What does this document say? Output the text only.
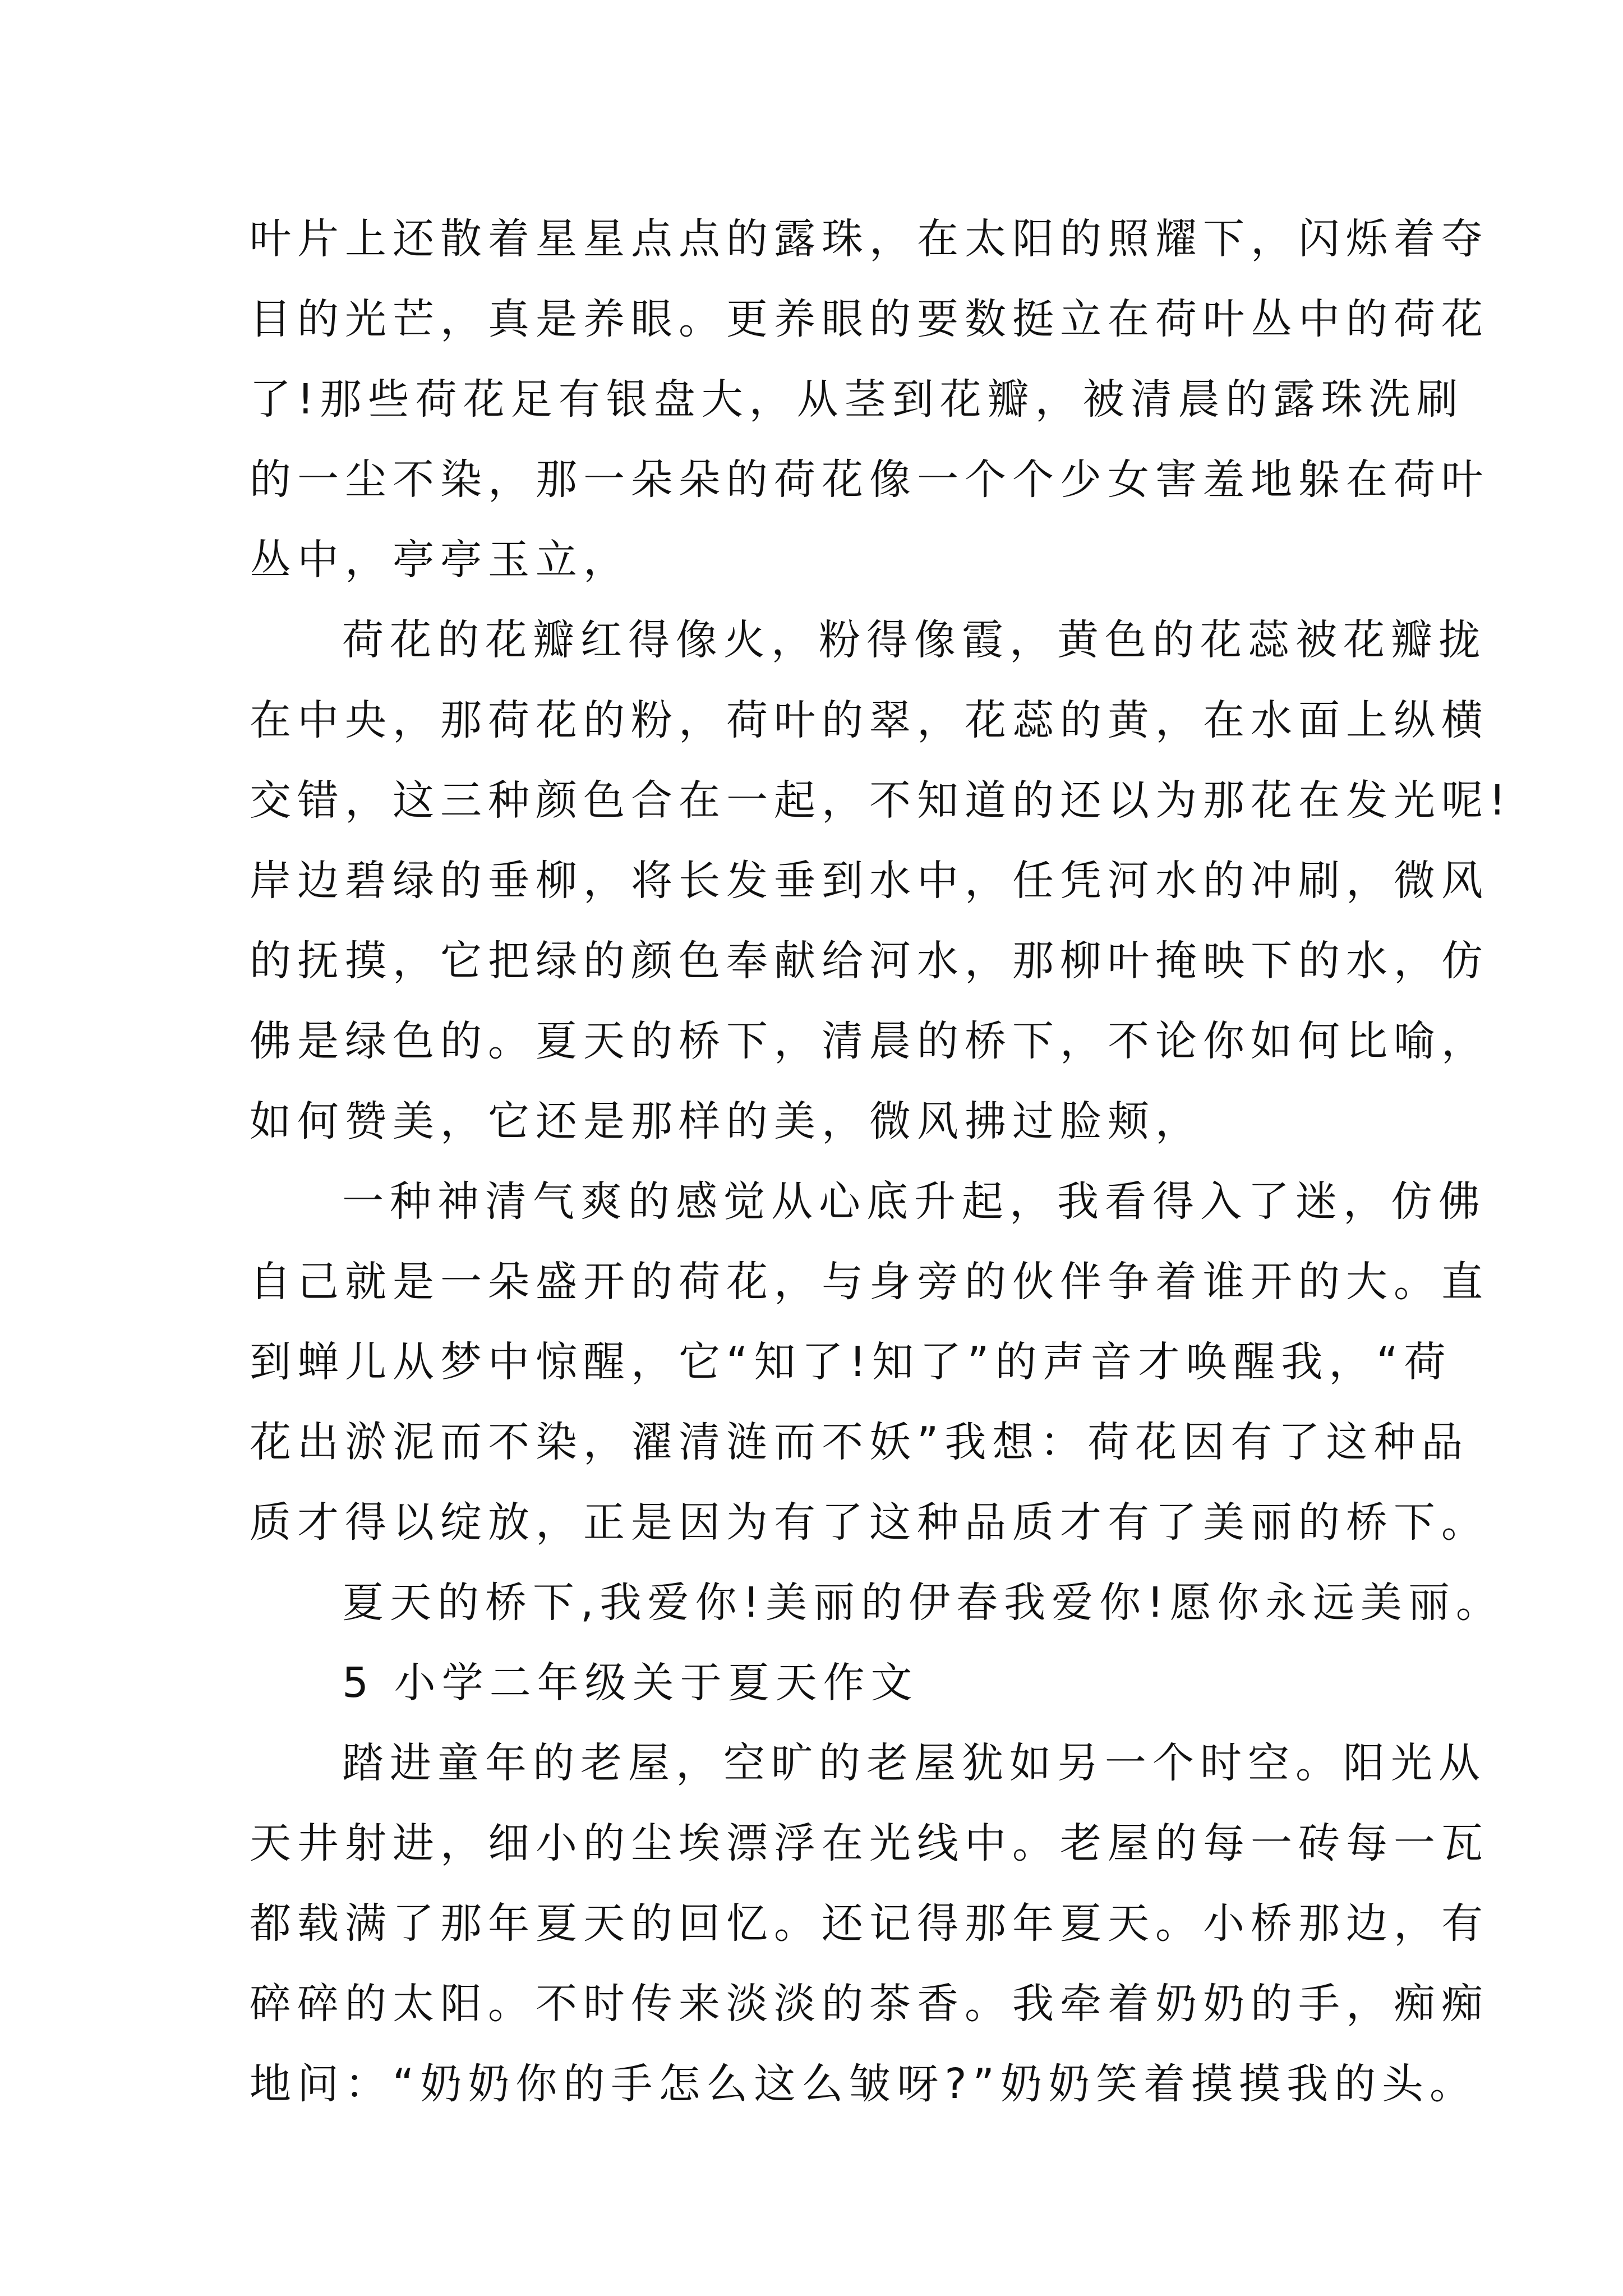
叶片上还散着星星点点的露珠，在太阳的照耀下，闪烁着夺
目的光芒，真是养眼。更养眼的要数挺立在荷叶丛中的荷花
了!那些荷花足有银盘大，从茎到花瓣，被清晨的露珠洗刷
的一尘不染，那一朵朵的荷花像一个个少女害羞地躲在荷叶
丛中，亭亭玉立，
荷花的花瓣红得像火，粉得像霞，黄色的花蕊被花瓣拢
在中央，那荷花的粉，荷叶的翠，花蕊的黄，在水面上纵横
交错，这三种颜色合在一起，不知道的还以为那花在发光呢!
岸边碧绿的垂柳，将长发垂到水中，任凭河水的冲刷，微风
的抚摸，它把绿的颜色奉献给河水，那柳叶掩映下的水，仿
佛是绿色的。夏天的桥下，清晨的桥下，不论你如何比喻，
如何赞美，它还是那样的美，微风拂过脸颊，
一种神清气爽的感觉从心底升起，我看得入了迷，仿佛
自己就是一朵盛开的荷花，与身旁的伙伴争着谁开的大。直
到蝉儿从梦中惊醒，它“知了!知了”的声音才唤醒我，“荷
花出淤泥而不染，濯清涟而不妖”我想：荷花因有了这种品
质才得以绽放，正是因为有了这种品质才有了美丽的桥下。
夏天的桥下,我爱你!美丽的伊春我爱你!愿你永远美丽。
5 小学二年级关于夏天作文
踏进童年的老屋，空旷的老屋犹如另一个时空。阳光从
天井射进，细小的尘埃漂浮在光线中。老屋的每一砖每一瓦
都载满了那年夏天的回忆。还记得那年夏天。小桥那边，有
碎碎的太阳。不时传来淡淡的茶香。我牵着奶奶的手，痴痴
地问：“奶奶你的手怎么这么皱呀?”奶奶笑着摸摸我的头。
